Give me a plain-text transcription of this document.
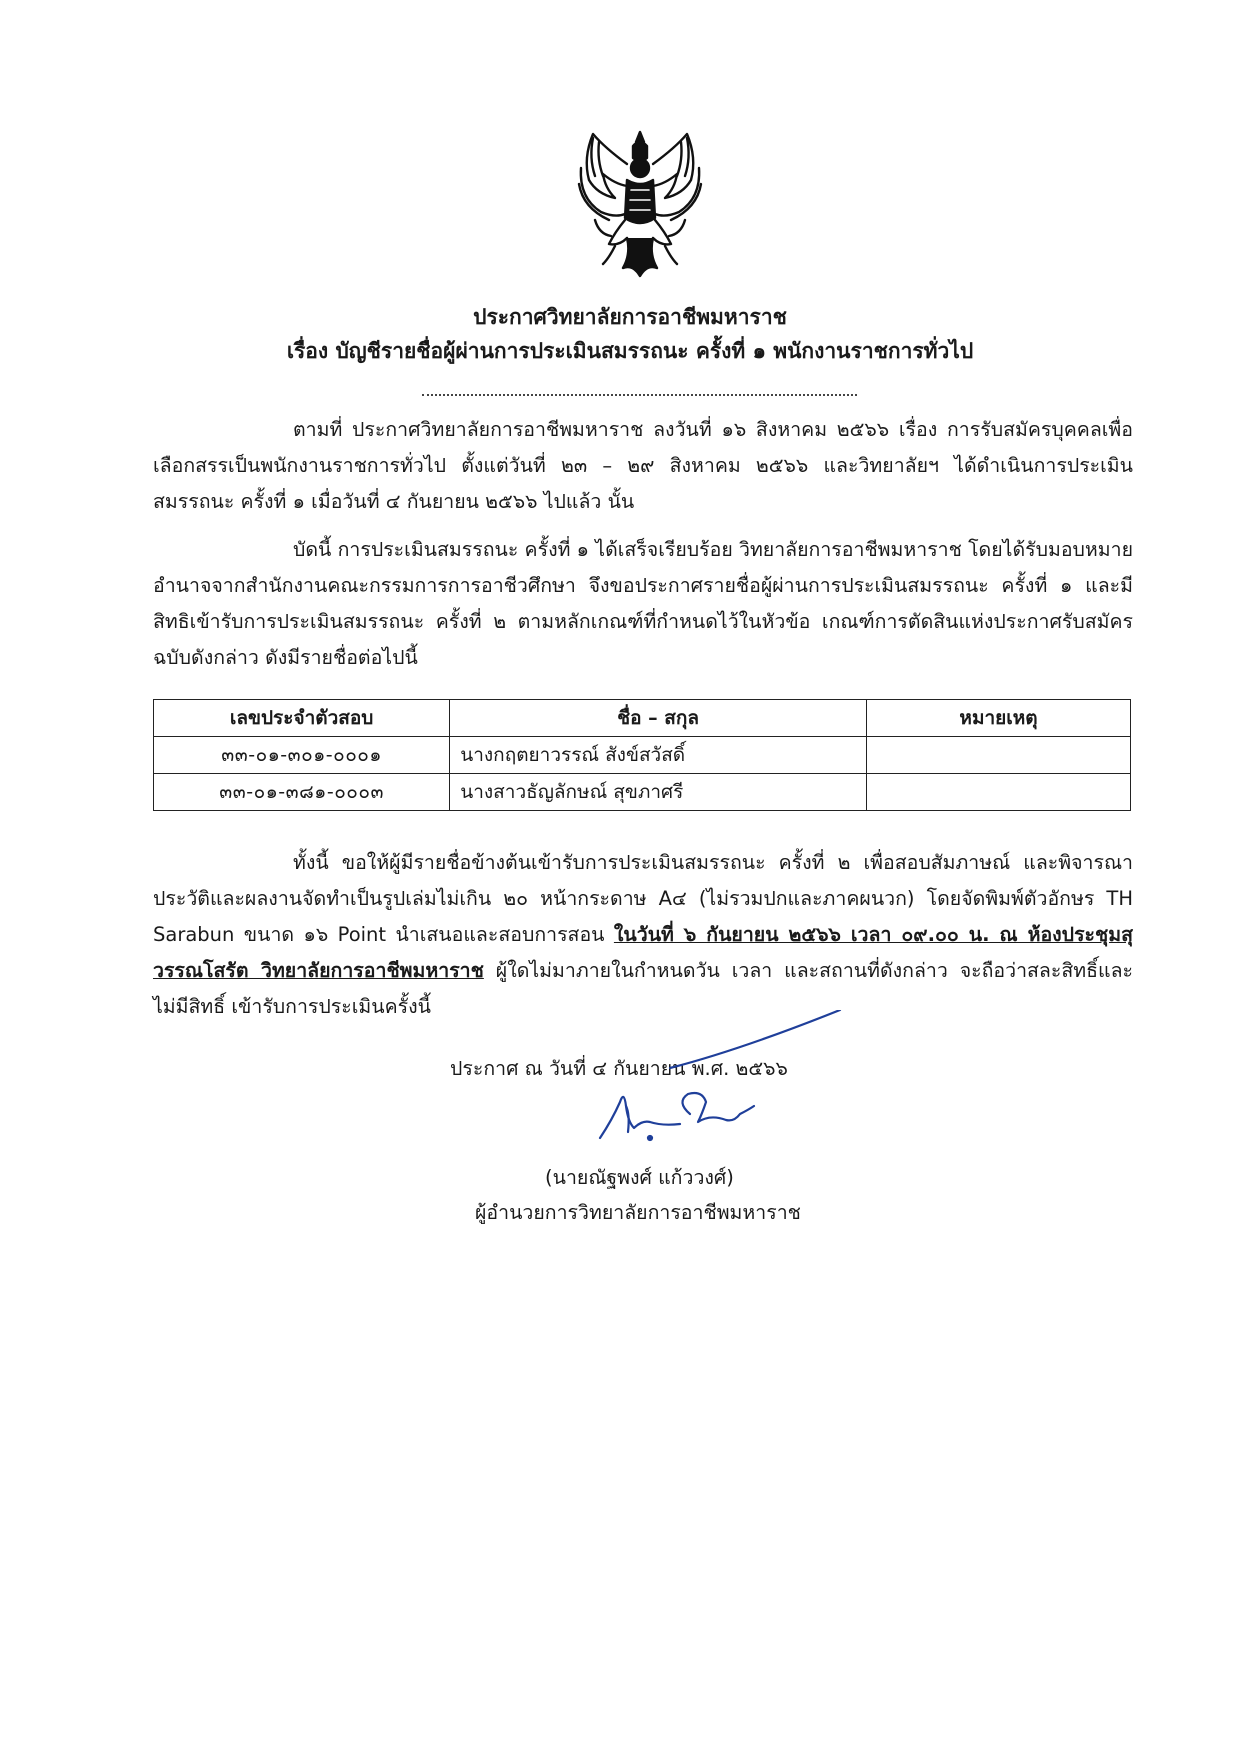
ประกาศวิทยาลัยการอาชีพมหาราช
เรื่อง บัญชีรายชื่อผู้ผ่านการประเมินสมรรถนะ ครั้งที่ ๑ พนักงานราชการทั่วไป
ตามที่ ประกาศวิทยาลัยการอาชีพมหาราช ลงวันที่ ๑๖ สิงหาคม ๒๕๖๖ เรื่อง การรับสมัครบุคคลเพื่อเลือกสรรเป็นพนักงานราชการทั่วไป ตั้งแต่วันที่ ๒๓ – ๒๙ สิงหาคม ๒๕๖๖ และวิทยาลัยฯ ได้ดำเนินการประเมินสมรรถนะ ครั้งที่ ๑ เมื่อวันที่ ๔ กันยายน ๒๕๖๖ ไปแล้ว นั้น
บัดนี้ การประเมินสมรรถนะ ครั้งที่ ๑ ได้เสร็จเรียบร้อย วิทยาลัยการอาชีพมหาราช โดยได้รับมอบหมายอำนาจจากสำนักงานคณะกรรมการการอาชีวศึกษา จึงขอประกาศรายชื่อผู้ผ่านการประเมินสมรรถนะ ครั้งที่ ๑ และมีสิทธิเข้ารับการประเมินสมรรถนะ ครั้งที่ ๒ ตามหลักเกณฑ์ที่กำหนดไว้ในหัวข้อ เกณฑ์การตัดสินแห่งประกาศรับสมัครฉบับดังกล่าว ดังมีรายชื่อต่อไปนี้
เลขประจำตัวสอบ	ชื่อ – สกุล	หมายเหตุ
๓๓-๐๑-๓๐๑-๐๐๐๑	นางกฤตยาวรรณ์ สังข์สวัสดิ์	
๓๓-๐๑-๓๘๑-๐๐๐๓	นางสาวธัญลักษณ์ สุขภาศรี	
ทั้งนี้ ขอให้ผู้มีรายชื่อข้างต้นเข้ารับการประเมินสมรรถนะ ครั้งที่ ๒ เพื่อสอบสัมภาษณ์ และพิจารณาประวัติและผลงานจัดทำเป็นรูปเล่มไม่เกิน ๒๐ หน้ากระดาษ A๔ (ไม่รวมปกและภาคผนวก) โดยจัดพิมพ์ตัวอักษร TH Sarabun ขนาด ๑๖ Point นำเสนอและสอบการสอน ในวันที่ ๖ กันยายน ๒๕๖๖ เวลา ๐๙.๐๐ น. ณ ห้องประชุมสุวรรณโสรัต วิทยาลัยการอาชีพมหาราช ผู้ใดไม่มาภายในกำหนดวัน เวลา และสถานที่ดังกล่าว จะถือว่าสละสิทธิ์และไม่มีสิทธิ์ เข้ารับการประเมินครั้งนี้
ประกาศ ณ วันที่ ๔ กันยายน พ.ศ. ๒๕๖๖
(นายณัฐพงศ์ แก้ววงศ์)
ผู้อำนวยการวิทยาลัยการอาชีพมหาราช
